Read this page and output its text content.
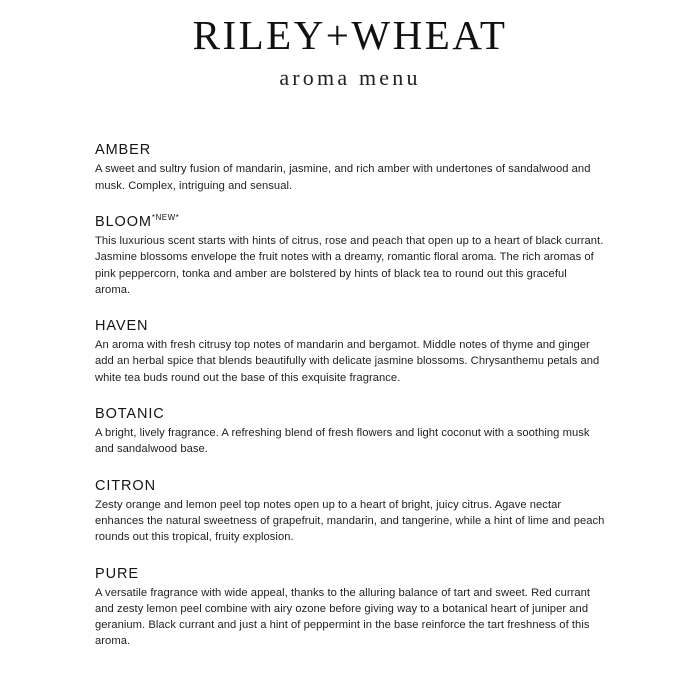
RILEY+WHEAT
aroma menu
AMBER

A sweet and sultry fusion of mandarin, jasmine, and rich amber with undertones of sandalwood and musk. Complex, intriguing and sensual.

$BLOOM^{*NEW*}$

This luxurious scent starts with hints of citrus, rose and peach that open up to a heart of black currant. Jasmine blossoms envelope the fruit notes with a dreamy, romantic floral aroma. The rich aromas of pink peppercorn, tonka and amber are bolstered by hints of black tea to round out this graceful aroma.

HAVEN

An aroma with fresh citrusy top notes of mandarin and bergamot. Middle notes of thyme and ginger add an herbal spice that blends beautifully with delicate jasmine blossoms. Chrysanthemu petals and white tea buds round out the base of this exquisite fragrance.

BOTANIC

A bright, lively fragrance. A refreshing blend of fresh flowers and light coconut with a soothing musk and sandalwood base.

CITRON

Zesty orange and lemon peel top notes open up to a heart of bright, juicy citrus. Agave nectar enhances the natural sweetness of grapefruit, mandarin, and tangerine, while a hint of lime and peach rounds out this tropical, fruity explosion.

PURE

A versatile fragrance with wide appeal, thanks to the alluring balance of tart and sweet. Red currant and zesty lemon peel combine with airy ozone before giving way to a botanical heart of juniper and geranium. Black currant and just a hint of peppermint in the base reinforce the tart freshness of this aroma.
